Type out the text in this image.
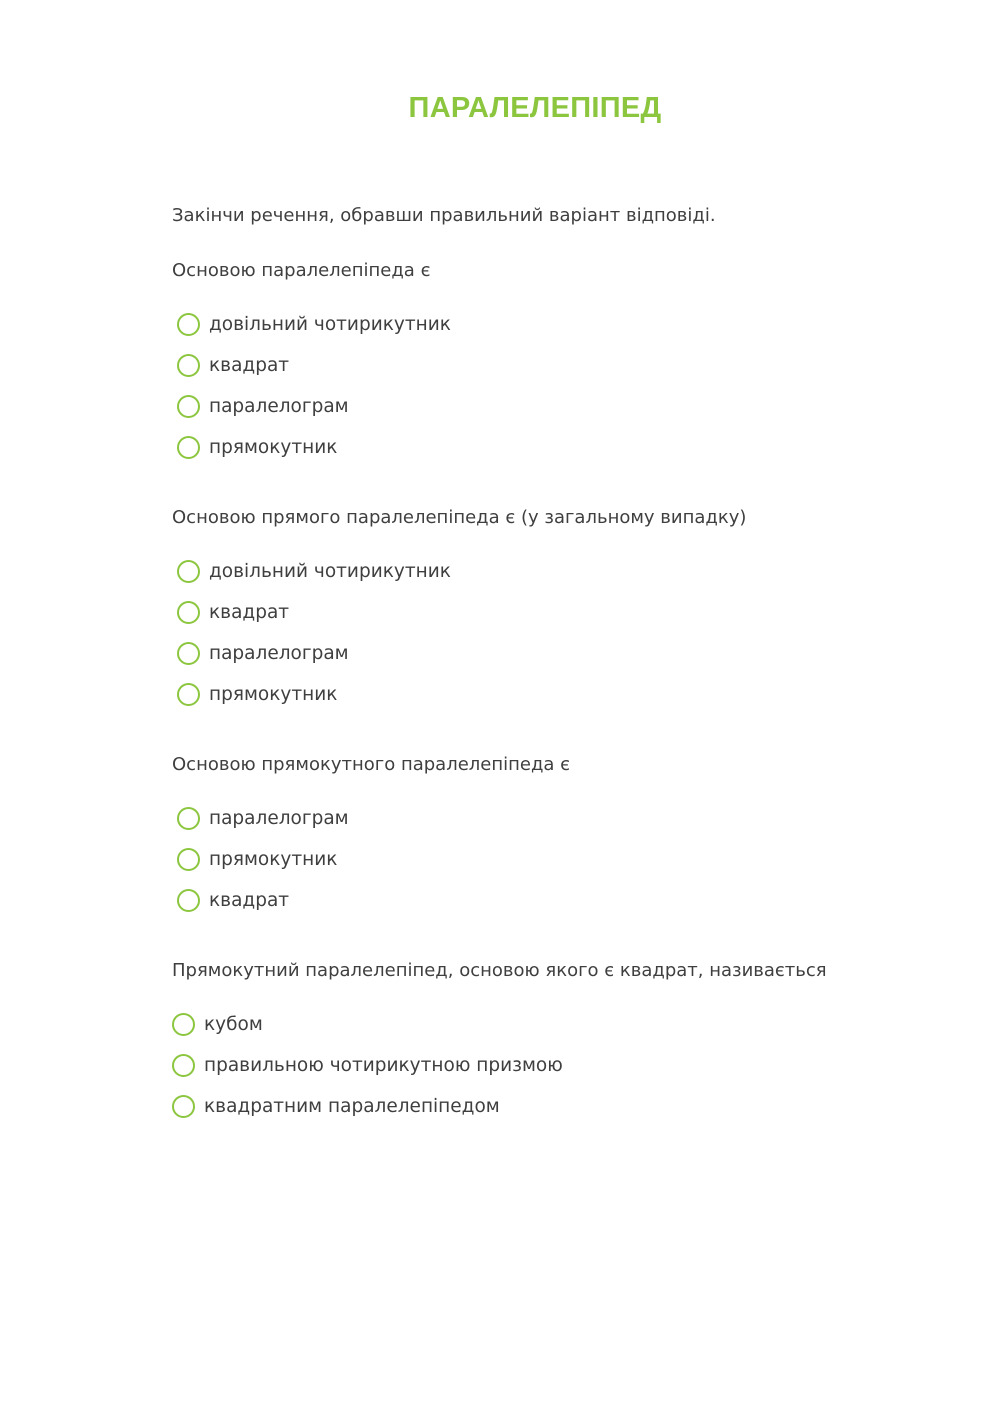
ПАРАЛЕЛЕПІПЕД
Закінчи речення, обравши правильний варіант відповіді.
Основою паралелепіпеда є
довільний чотирикутник
квадрат
паралелограм
прямокутник
Основою прямого паралелепіпеда є (у загальному випадку)
довільний чотирикутник
квадрат
паралелограм
прямокутник
Основою прямокутного паралелепіпеда є
паралелограм
прямокутник
квадрат
Прямокутний паралелепіпед, основою якого є квадрат, називається
кубом
правильною чотирикутною призмою
квадратним паралелепіпедом
